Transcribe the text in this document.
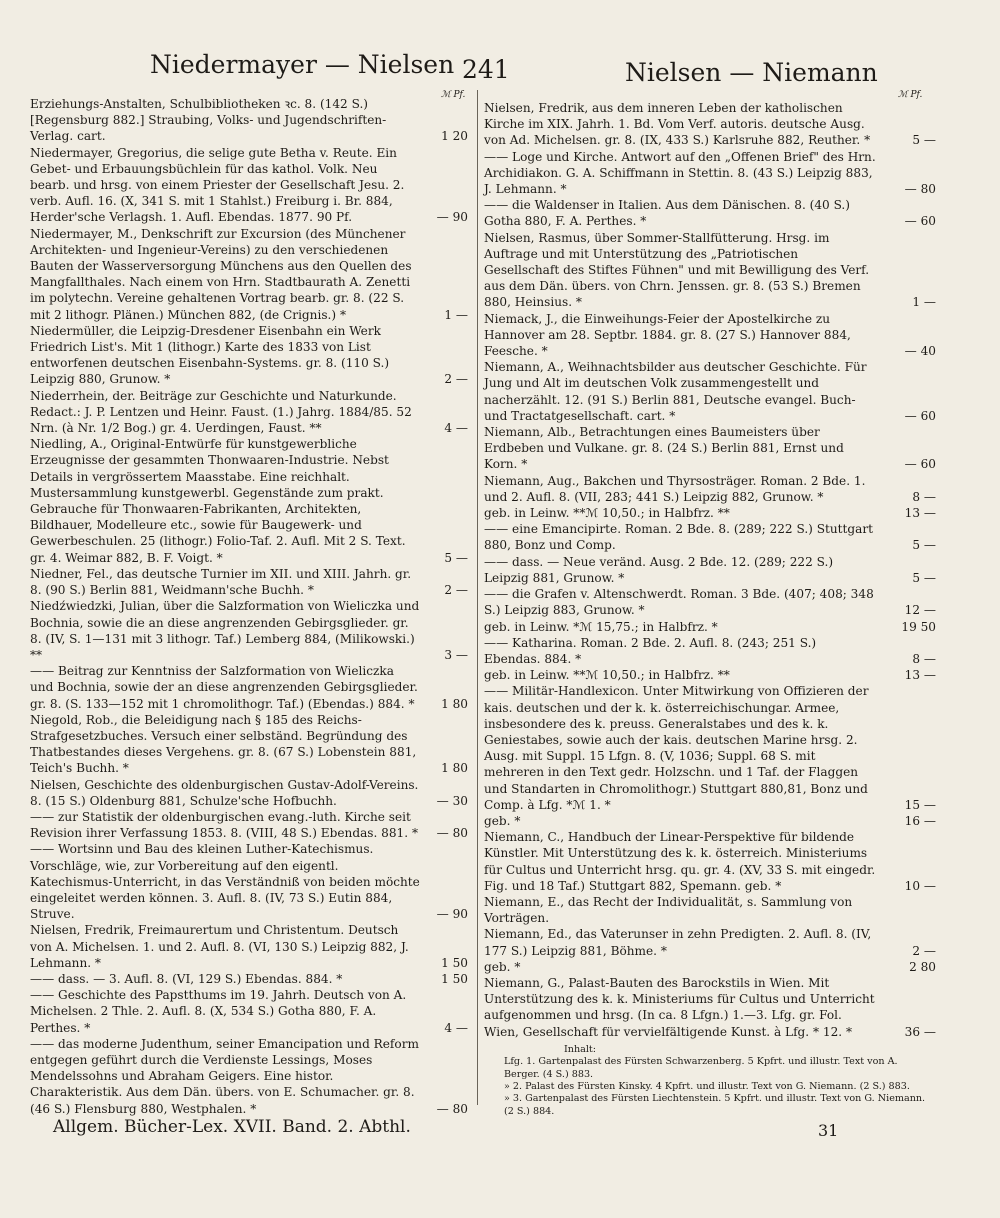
Niedermayer — Nielsen 241	Nielsen — Niemann
ℳ Pf.	ℳ Pf.
Erziehungs-Anstalten, Schulbibliotheken ꝛc. 8. (142 S.) [Regensburg 882.] Straubing, Volks- und Jugendschriften-Verlag. cart.	1 20
Niedermayer, Gregorius, die selige gute Betha v. Reute. Ein Gebet- und Erbauungsbüchlein für das kathol. Volk. Neu bearb. und hrsg. von einem Priester der Gesellschaft Jesu. 2. verb. Aufl. 16. (X, 341 S. mit 1 Stahlst.) Freiburg i. Br. 884, Herder'sche Verlagsh. 1. Aufl. Ebendas. 1877. 90 Pf.	— 90
Niedermayer, M., Denkschrift zur Excursion (des Münchener Architekten- und Ingenieur-Vereins) zu den verschiedenen Bauten der Wasserversorgung Münchens aus den Quellen des Mangfallthales. Nach einem von Hrn. Stadtbaurath A. Zenetti im polytechn. Vereine gehaltenen Vortrag bearb. gr. 8. (22 S. mit 2 lithogr. Plänen.) München 882, (de Crignis.) *	1 —
Niedermüller, die Leipzig-Dresdener Eisenbahn ein Werk Friedrich List's. Mit 1 (lithogr.) Karte des 1833 von List entworfenen deutschen Eisenbahn-Systems. gr. 8. (110 S.) Leipzig 880, Grunow. *	2 —
Niederrhein, der. Beiträge zur Geschichte und Naturkunde. Redact.: J. P. Lentzen und Heinr. Faust. (1.) Jahrg. 1884/85. 52 Nrn. (à Nr. 1/2 Bog.) gr. 4. Uerdingen, Faust. **	4 —
Niedling, A., Original-Entwürfe für kunstgewerbliche Erzeugnisse der gesammten Thonwaaren-Industrie. Nebst Details in vergrössertem Maasstabe. Eine reichhalt. Mustersammlung kunstgewerbl. Gegenstände zum prakt. Gebrauche für Thonwaaren-Fabrikanten, Architekten, Bildhauer, Modelleure etc., sowie für Baugewerk- und Gewerbeschulen. 25 (lithogr.) Folio-Taf. 2. Aufl. Mit 2 S. Text. gr. 4. Weimar 882, B. F. Voigt. *	5 —
Niedner, Fel., das deutsche Turnier im XII. und XIII. Jahrh. gr. 8. (90 S.) Berlin 881, Weidmann'sche Buchh. *	2 —
Niedźwiedzki, Julian, über die Salzformation von Wieliczka und Bochnia, sowie die an diese angrenzenden Gebirgsglieder. gr. 8. (IV, S. 1—131 mit 3 lithogr. Taf.) Lemberg 884, (Milikowski.) **	3 —
—— Beitrag zur Kenntniss der Salzformation von Wieliczka und Bochnia, sowie der an diese angrenzenden Gebirgsglieder. gr. 8. (S. 133—152 mit 1 chromolithogr. Taf.) (Ebendas.) 884. *	1 80
Niegold, Rob., die Beleidigung nach § 185 des Reichs-Strafgesetzbuches. Versuch einer selbständ. Begründung des Thatbestandes dieses Vergehens. gr. 8. (67 S.) Lobenstein 881, Teich's Buchh. *	1 80
Nielsen, Geschichte des oldenburgischen Gustav-Adolf-Vereins. 8. (15 S.) Oldenburg 881, Schulze'sche Hofbuchh.	— 30
—— zur Statistik der oldenburgischen evang.-luth. Kirche seit Revision ihrer Verfassung 1853. 8. (VIII, 48 S.) Ebendas. 881. *	— 80
—— Wortsinn und Bau des kleinen Luther-Katechismus. Vorschläge, wie, zur Vorbereitung auf den eigentl. Katechismus-Unterricht, in das Verständniß von beiden möchte eingeleitet werden können. 3. Aufl. 8. (IV, 73 S.) Eutin 884, Struve.	— 90
Nielsen, Fredrik, Freimaurertum und Christentum. Deutsch von A. Michelsen. 1. und 2. Aufl. 8. (VI, 130 S.) Leipzig 882, J. Lehmann. *	1 50
—— dass. — 3. Aufl. 8. (VI, 129 S.) Ebendas. 884. *	1 50
—— Geschichte des Papstthums im 19. Jahrh. Deutsch von A. Michelsen. 2 Thle. 2. Aufl. 8. (X, 534 S.) Gotha 880, F. A. Perthes. *	4 —
—— das moderne Judenthum, seiner Emancipation und Reform entgegen geführt durch die Verdienste Lessings, Moses Mendelssohns und Abraham Geigers. Eine histor. Charakteristik. Aus dem Dän. übers. von E. Schumacher. gr. 8. (46 S.) Flensburg 880, Westphalen. *	— 80
Nielsen, Fredrik, aus dem inneren Leben der katholischen Kirche im XIX. Jahrh. 1. Bd. Vom Verf. autoris. deutsche Ausg. von Ad. Michelsen. gr. 8. (IX, 433 S.) Karlsruhe 882, Reuther. *	5 —
—— Loge und Kirche. Antwort auf den „Offenen Brief" des Hrn. Archidiakon. G. A. Schiffmann in Stettin. 8. (43 S.) Leipzig 883, J. Lehmann. *	— 80
—— die Waldenser in Italien. Aus dem Dänischen. 8. (40 S.) Gotha 880, F. A. Perthes. *	— 60
Nielsen, Rasmus, über Sommer-Stallfütterung. Hrsg. im Auftrage und mit Unterstützung des „Patriotischen Gesellschaft des Stiftes Fühnen" und mit Bewilligung des Verf. aus dem Dän. übers. von Chrn. Jenssen. gr. 8. (53 S.) Bremen 880, Heinsius. *	1 —
Niemack, J., die Einweihungs-Feier der Apostelkirche zu Hannover am 28. Septbr. 1884. gr. 8. (27 S.) Hannover 884, Feesche. *	— 40
Niemann, A., Weihnachtsbilder aus deutscher Geschichte. Für Jung und Alt im deutschen Volk zusammengestellt und nacherzählt. 12. (91 S.) Berlin 881, Deutsche evangel. Buch- und Tractatgesellschaft. cart. *	— 60
Niemann, Alb., Betrachtungen eines Baumeisters über Erdbeben und Vulkane. gr. 8. (24 S.) Berlin 881, Ernst und Korn. *	— 60
Niemann, Aug., Bakchen und Thyrsosträger. Roman. 2 Bde. 1. und 2. Aufl. 8. (VII, 283; 441 S.) Leipzig 882, Grunow. *	8 —
geb. in Leinw. **ℳ 10,50.; in Halbfrz. **	13 —
—— eine Emancipirte. Roman. 2 Bde. 8. (289; 222 S.) Stuttgart 880, Bonz und Comp.	5 —
—— dass. — Neue veränd. Ausg. 2 Bde. 12. (289; 222 S.) Leipzig 881, Grunow. *	5 —
—— die Grafen v. Altenschwerdt. Roman. 3 Bde. (407; 408; 348 S.) Leipzig 883, Grunow. *	12 —
geb. in Leinw. *ℳ 15,75.; in Halbfrz. *	19 50
—— Katharina. Roman. 2 Bde. 2. Aufl. 8. (243; 251 S.) Ebendas. 884. *	8 —
geb. in Leinw. **ℳ 10,50.; in Halbfrz. **	13 —
—— Militär-Handlexicon. Unter Mitwirkung von Offizieren der kais. deutschen und der k. k. österreichischungar. Armee, insbesondere des k. preuss. Generalstabes und des k. k. Geniestabes, sowie auch der kais. deutschen Marine hrsg. 2. Ausg. mit Suppl. 15 Lfgn. 8. (V, 1036; Suppl. 68 S. mit mehreren in den Text gedr. Holzschn. und 1 Taf. der Flaggen und Standarten in Chromolithogr.) Stuttgart 880,81, Bonz und Comp. à Lfg. *ℳ 1. *	15 —
geb. *	16 —
Niemann, C., Handbuch der Linear-Perspektive für bildende Künstler. Mit Unterstützung des k. k. österreich. Ministeriums für Cultus und Unterricht hrsg. qu. gr. 4. (XV, 33 S. mit eingedr. Fig. und 18 Taf.) Stuttgart 882, Spemann. geb. *	10 —
Niemann, E., das Recht der Individualität, s. Sammlung von Vorträgen.
Niemann, Ed., das Vaterunser in zehn Predigten. 2. Aufl. 8. (IV, 177 S.) Leipzig 881, Böhme. *	2 —
geb. *	2 80
Niemann, G., Palast-Bauten des Barockstils in Wien. Mit Unterstützung des k. k. Ministeriums für Cultus und Unterricht aufgenommen und hrsg. (In ca. 8 Lfgn.) 1.—3. Lfg. gr. Fol. Wien, Gesellschaft für vervielfältigende Kunst. à Lfg. * 12. *	36 —
Inhalt:
Lfg. 1. Gartenpalast des Fürsten Schwarzenberg. 5 Kpfrt. und illustr. Text von A. Berger. (4 S.) 883.
» 2. Palast des Fürsten Kinsky. 4 Kpfrt. und illustr. Text von G. Niemann. (2 S.) 883.
» 3. Gartenpalast des Fürsten Liechtenstein. 5 Kpfrt. und illustr. Text von G. Niemann. (2 S.) 884.
Allgem. Bücher-Lex. XVII. Band. 2. Abthl.	31
